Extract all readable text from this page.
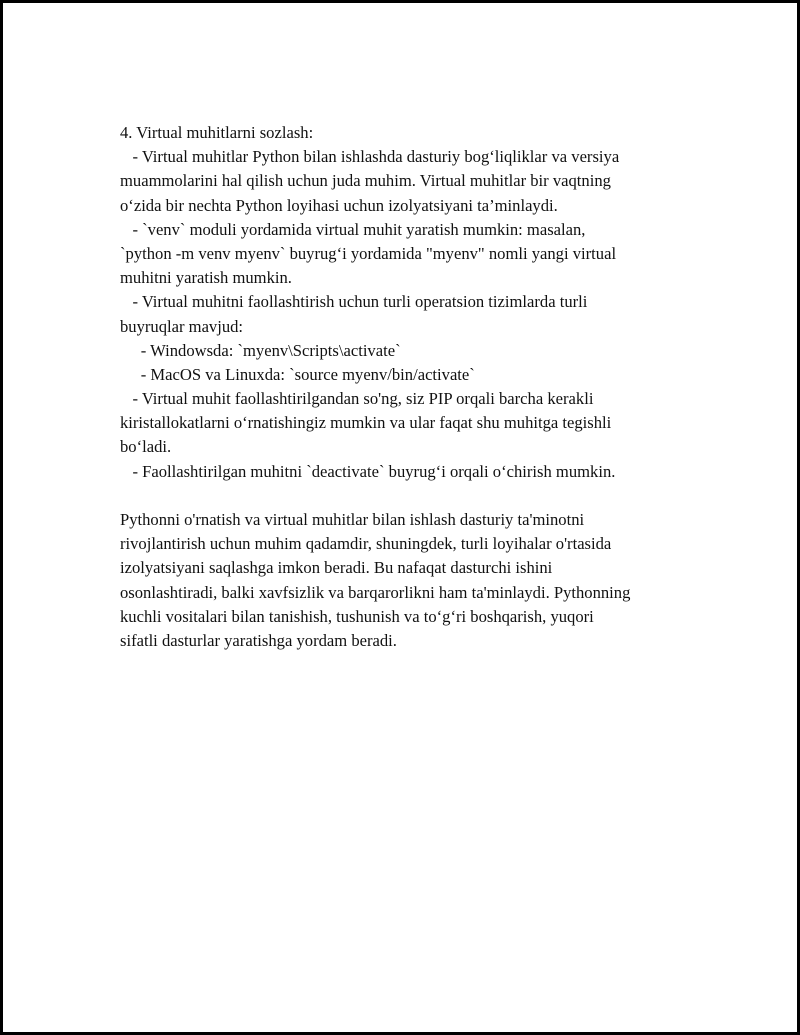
4. Virtual muhitlarni sozlash:
- Virtual muhitlar Python bilan ishlashda dasturiy bog‘liqliklar va versiya
muammolarini hal qilish uchun juda muhim. Virtual muhitlar bir vaqtning
o‘zida bir nechta Python loyihasi uchun izolyatsiyani ta’minlaydi.
- `venv` moduli yordamida virtual muhit yaratish mumkin: masalan,
`python -m venv myenv` buyrug‘i yordamida "myenv" nomli yangi virtual
muhitni yaratish mumkin.
- Virtual muhitni faollashtirish uchun turli operatsion tizimlarda turli
buyruqlar mavjud:
- Windowsda: `myenv\Scripts\activate`
- MacOS va Linuxda: `source myenv/bin/activate`
- Virtual muhit faollashtirilgandan so'ng, siz PIP orqali barcha kerakli
kiristallokatlarni o‘rnatishingiz mumkin va ular faqat shu muhitga tegishli
bo‘ladi.
- Faollashtirilgan muhitni `deactivate` buyrug‘i orqali o‘chirish mumkin.
Pythonni o'rnatish va virtual muhitlar bilan ishlash dasturiy ta'minotni
rivojlantirish uchun muhim qadamdir, shuningdek, turli loyihalar o'rtasida
izolyatsiyani saqlashga imkon beradi. Bu nafaqat dasturchi ishini
osonlashtiradi, balki xavfsizlik va barqarorlikni ham ta'minlaydi. Pythonning
kuchli vositalari bilan tanishish, tushunish va to‘g‘ri boshqarish, yuqori
sifatli dasturlar yaratishga yordam beradi.
